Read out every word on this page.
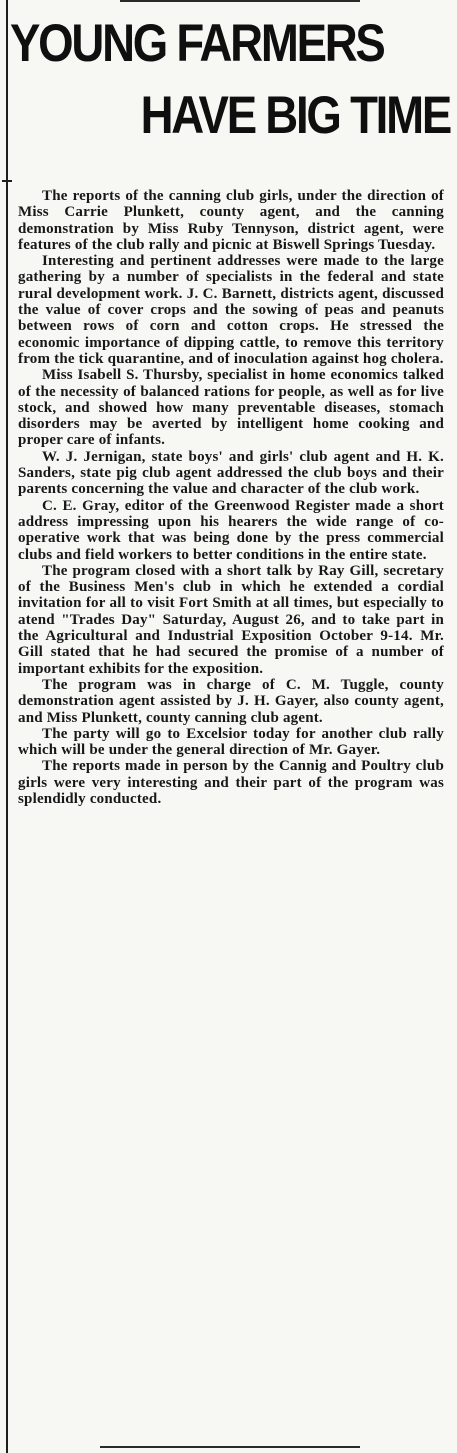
YOUNG FARMERS
HAVE BIG TIME

The reports of the canning club girls, under the direction of Miss Carrie Plunkett, county agent, and the canning demonstration by Miss Ruby Tennyson, district agent, were features of the club rally and picnic at Biswell Springs Tuesday.

Interesting and pertinent addresses were made to the large gathering by a number of specialists in the federal and state rural development work. J. C. Barnett, districts agent, discussed the value of cover crops and the sowing of peas and peanuts between rows of corn and cotton crops. He stressed the economic importance of dipping cattle, to remove this territory from the tick quarantine, and of inoculation against hog cholera.

Miss Isabell S. Thursby, specialist in home economics talked of the necessity of balanced rations for people, as well as for live stock, and showed how many preventable diseases, stomach disorders may be averted by intelligent home cooking and proper care of infants.

W. J. Jernigan, state boys' and girls' club agent and H. K. Sanders, state pig club agent addressed the club boys and their parents concerning the value and character of the club work.

C. E. Gray, editor of the Greenwood Register made a short address impressing upon his hearers the wide range of co-operative work that was being done by the press commercial clubs and field workers to better conditions in the entire state.

The program closed with a short talk by Ray Gill, secretary of the Business Men's club in which he extended a cordial invitation for all to visit Fort Smith at all times, but especially to atend "Trades Day" Saturday, August 26, and to take part in the Agricultural and Industrial Exposition October 9-14. Mr. Gill stated that he had secured the promise of a number of important exhibits for the exposition.

The program was in charge of C. M. Tuggle, county demonstration agent assisted by J. H. Gayer, also county agent, and Miss Plunkett, county canning club agent.

The party will go to Excelsior today for another club rally which will be under the general direction of Mr. Gayer.

The reports made in person by the Cannig and Poultry club girls were very interesting and their part of the program was splendidly conducted.
